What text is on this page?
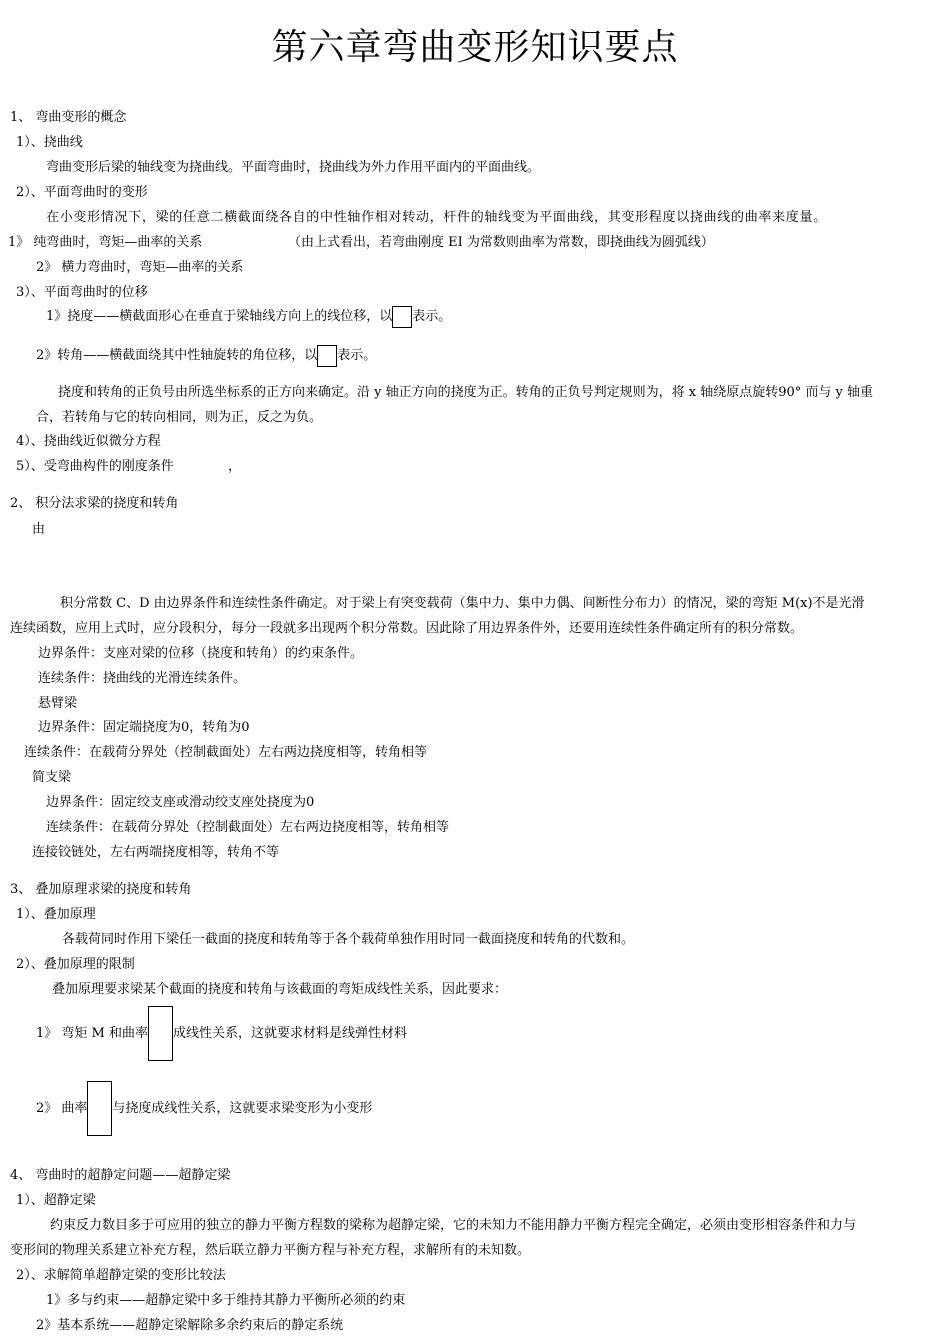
第六章弯曲变形知识要点
1、 弯曲变形的概念
1）、挠曲线
弯曲变形后梁的轴线变为挠曲线。平面弯曲时，挠曲线为外力作用平面内的平面曲线。
2）、平面弯曲时的变形
在小变形情况下，梁的任意二横截面绕各自的中性轴作相对转动，杆件的轴线变为平面曲线，其变形程度以挠曲线的曲率来度量。
1》 纯弯曲时，弯矩—曲率的关系	（由上式看出，若弯曲刚度 EI 为常数则曲率为常数，即挠曲线为圆弧线）
2》 横力弯曲时，弯矩—曲率的关系
3）、平面弯曲时的位移
1》挠度——横截面形心在垂直于梁轴线方向上的线位移，以 表示。
2》转角——横截面绕其中性轴旋转的角位移，以 表示。
挠度和转角的正负号由所选坐标系的正方向来确定。沿 y 轴正方向的挠度为正。转角的正负号判定规则为，将 x 轴绕原点旋转90° 而与 y 轴重
合，若转角与它的转向相同，则为正，反之为负。
4）、挠曲线近似微分方程
5）、受弯曲构件的刚度条件	，
2、 积分法求梁的挠度和转角
由
积分常数 C、D 由边界条件和连续性条件确定。对于梁上有突变载荷（集中力、集中力偶、间断性分布力）的情况，梁的弯矩 M(x)不是光滑
连续函数，应用上式时，应分段积分，每分一段就多出现两个积分常数。因此除了用边界条件外，还要用连续性条件确定所有的积分常数。
边界条件：支座对梁的位移（挠度和转角）的约束条件。
连续条件：挠曲线的光滑连续条件。
悬臂梁
边界条件：固定端挠度为0，转角为0
连续条件：在载荷分界处（控制截面处）左右两边挠度相等，转角相等
简支梁
边界条件：固定绞支座或滑动绞支座处挠度为0
连续条件：在载荷分界处（控制截面处）左右两边挠度相等，转角相等
连接铰链处，左右两端挠度相等，转角不等
3、 叠加原理求梁的挠度和转角
1）、叠加原理
各载荷同时作用下梁任一截面的挠度和转角等于各个载荷单独作用时同一截面挠度和转角的代数和。
2）、叠加原理的限制
叠加原理要求梁某个截面的挠度和转角与该截面的弯矩成线性关系，因此要求：
1》 弯矩 M 和曲率 成线性关系，这就要求材料是线弹性材料
2》 曲率 与挠度成线性关系，这就要求梁变形为小变形
4、 弯曲时的超静定问题——超静定梁
1）、超静定梁
约束反力数目多于可应用的独立的静力平衡方程数的梁称为超静定梁，它的未知力不能用静力平衡方程完全确定，必须由变形相容条件和力与
变形间的物理关系建立补充方程，然后联立静力平衡方程与补充方程，求解所有的未知数。
2）、求解简单超静定梁的变形比较法
1》多与约束——超静定梁中多于维持其静力平衡所必须的约束
2》基本系统——超静定梁解除多余约束后的静定系统
